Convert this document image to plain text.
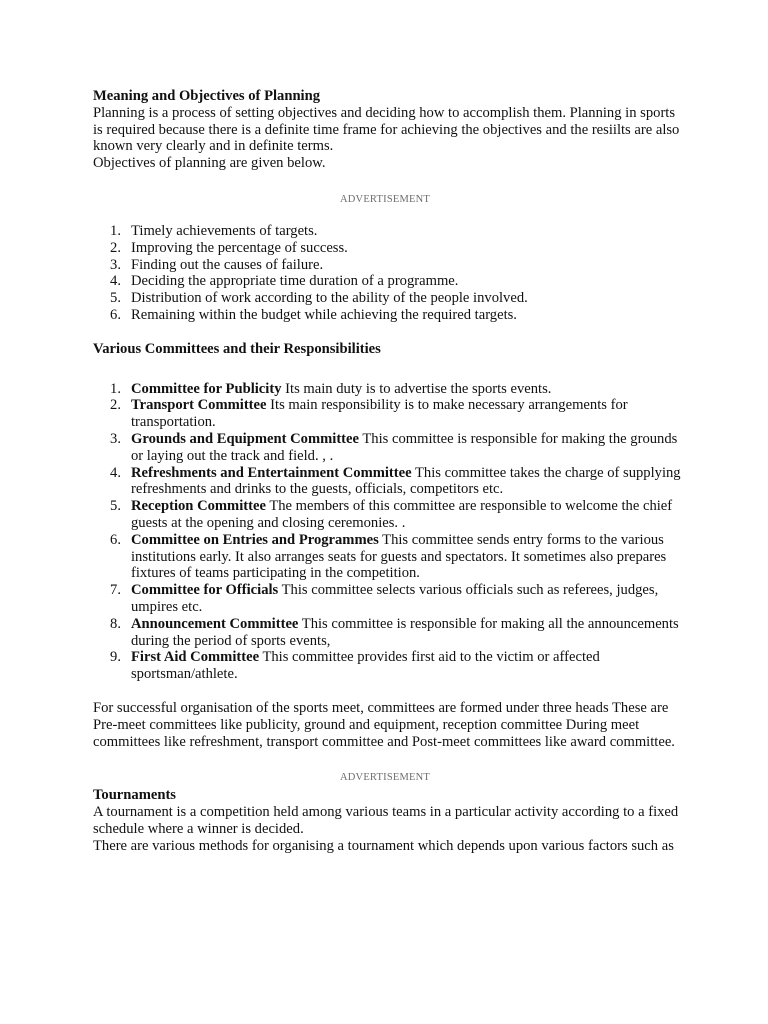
Meaning and Objectives of Planning

Planning is a process of setting objectives and deciding how to accomplish them. Planning in sports is required because there is a definite time frame for achieving the objectives and the resiilts are also known very clearly and in definite terms.

Objectives of planning are given below.

ADVERTISEMENT
1. Timely achievements of targets.
2. Improving the percentage of success.
3. Finding out the causes of failure.
4. Deciding the appropriate time duration of a programme.
5. Distribution of work according to the ability of the people involved.
6. Remaining within the budget while achieving the required targets.

Various Committees and their Responsibilities

1. Committee for Publicity Its main duty is to advertise the sports events.
2. Transport Committee Its main responsibility is to make necessary arrangements for transportation.
3. Grounds and Equipment Committee This committee is responsible for making the grounds or laying out the track and field. , .
4. Refreshments and Entertainment Committee This committee takes the charge of supplying refreshments and drinks to the guests, officials, competitors etc.
5. Reception Committee The members of this committee are responsible to welcome the chief guests at the opening and closing ceremonies. .
6. Committee on Entries and Programmes This committee sends entry forms to the various institutions early. It also arranges seats for guests and spectators. It sometimes also prepares fixtures of teams participating in the competition.
7. Committee for Officials This committee selects various officials such as referees, judges, umpires etc.
8. Announcement Committee This committee is responsible for making all the announcements during the period of sports events,
9. First Aid Committee This committee provides first aid to the victim or affected sportsman/athlete.

For successful organisation of the sports meet, committees are formed under three heads These are Pre-meet committees like publicity, ground and equipment, reception committee During meet committees like refreshment, transport committee and Post-meet committees like award committee.

ADVERTISEMENT

Tournaments

A tournament is a competition held among various teams in a particular activity according to a fixed schedule where a winner is decided.

There are various methods for organising a tournament which depends upon various factors such as
